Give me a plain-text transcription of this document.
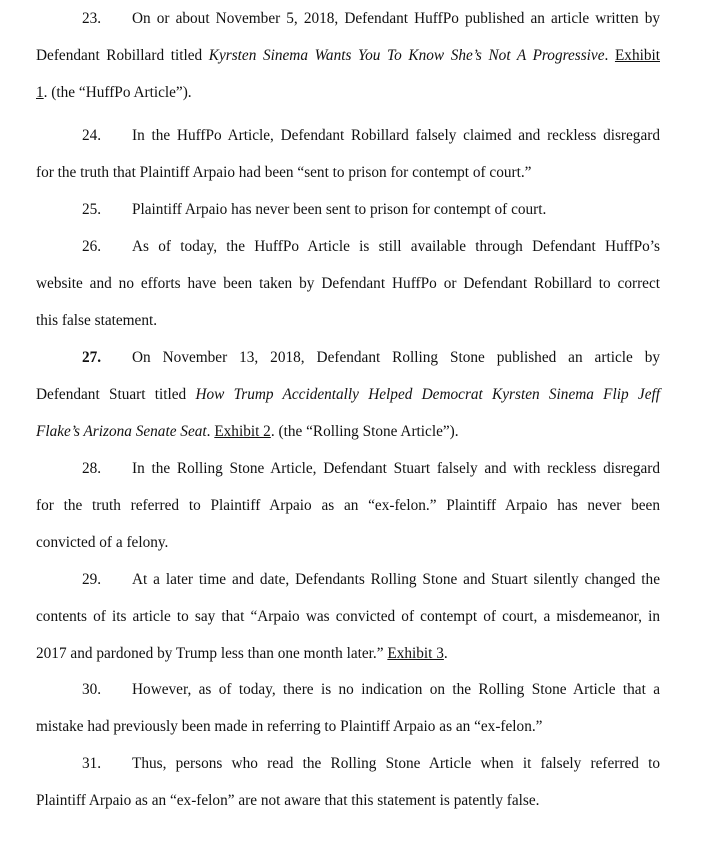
23. On or about November 5, 2018, Defendant HuffPo published an article written by
Defendant Robillard titled Kyrsten Sinema Wants You To Know She’s Not A Progressive. Exhibit
1. (the “HuffPo Article”).
24. In the HuffPo Article, Defendant Robillard falsely claimed and reckless disregard
for the truth that Plaintiff Arpaio had been “sent to prison for contempt of court.”
25. Plaintiff Arpaio has never been sent to prison for contempt of court.
26. As of today, the HuffPo Article is still available through Defendant HuffPo’s
website and no efforts have been taken by Defendant HuffPo or Defendant Robillard to correct
this false statement.
27. On November 13, 2018, Defendant Rolling Stone published an article by
Defendant Stuart titled How Trump Accidentally Helped Democrat Kyrsten Sinema Flip Jeff
Flake’s Arizona Senate Seat. Exhibit 2. (the “Rolling Stone Article”).
28. In the Rolling Stone Article, Defendant Stuart falsely and with reckless disregard
for the truth referred to Plaintiff Arpaio as an “ex-felon.” Plaintiff Arpaio has never been
convicted of a felony.
29. At a later time and date, Defendants Rolling Stone and Stuart silently changed the
contents of its article to say that “Arpaio was convicted of contempt of court, a misdemeanor, in
2017 and pardoned by Trump less than one month later.” Exhibit 3.
30. However, as of today, there is no indication on the Rolling Stone Article that a
mistake had previously been made in referring to Plaintiff Arpaio as an “ex-felon.”
31. Thus, persons who read the Rolling Stone Article when it falsely referred to
Plaintiff Arpaio as an “ex-felon” are not aware that this statement is patently false.
